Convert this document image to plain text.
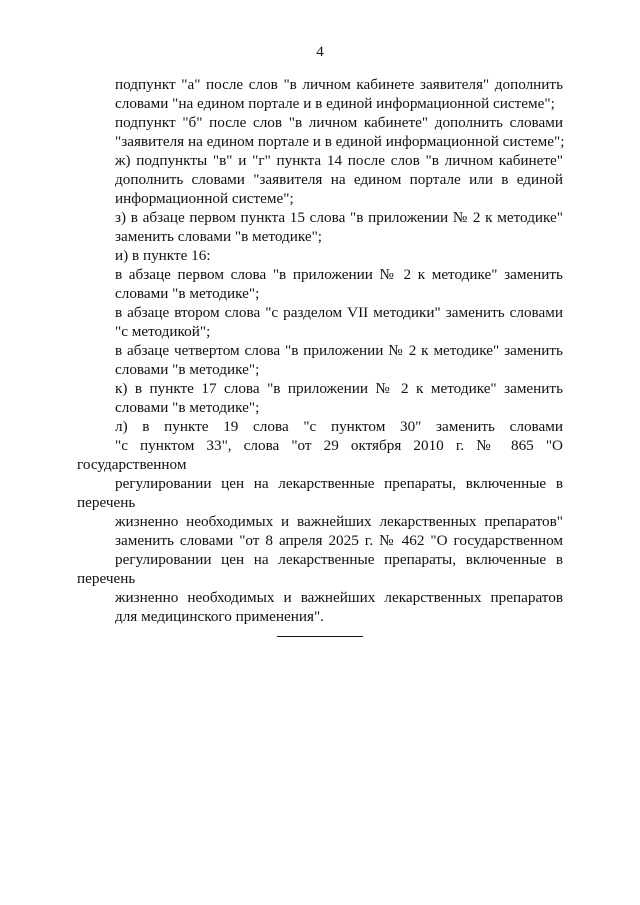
4

подпункт "а" после слов "в личном кабинете заявителя" дополнить
словами "на едином портале и в единой информационной системе";

подпункт "б" после слов "в личном кабинете" дополнить словами
"заявителя на едином портале и в единой информационной системе";

ж) подпункты "в" и "г" пункта 14 после слов "в личном кабинете"
дополнить словами "заявителя на едином портале или в единой
информационной системе";

з) в абзаце первом пункта 15 слова "в приложении № 2 к методике"
заменить словами "в методике";

и) в пункте 16:

в абзаце первом слова "в приложении № 2 к методике" заменить
словами "в методике";

в абзаце втором слова "с разделом VII методики" заменить словами
"с методикой";

в абзаце четвертом слова "в приложении № 2 к методике" заменить
словами "в методике";

к) в пункте 17 слова "в приложении № 2 к методике" заменить
словами "в методике";

л) в пункте 19 слова "с пунктом 30" заменить словами
"с пунктом 33", слова "от 29 октября 2010 г. № 865 "О государственном
регулировании цен на лекарственные препараты, включенные в перечень
жизненно необходимых и важнейших лекарственных препаратов"
заменить словами "от 8 апреля 2025 г. № 462 "О государственном
регулировании цен на лекарственные препараты, включенные в перечень
жизненно необходимых и важнейших лекарственных препаратов
для медицинского применения".
